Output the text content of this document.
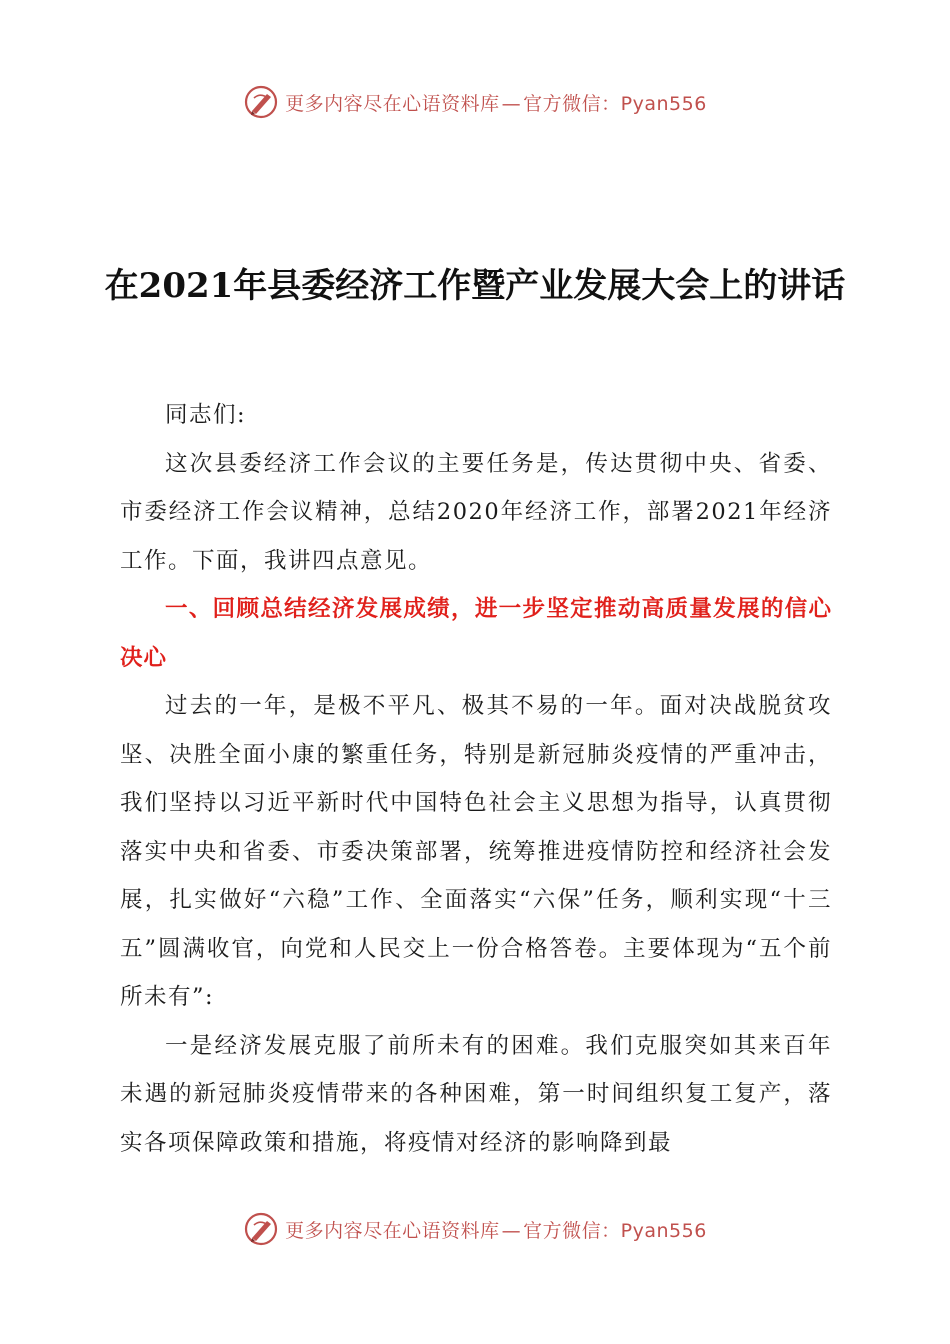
更多内容尽在心语资料库 — 官方微信：Pyan556
在2021年县委经济工作暨产业发展大会上的讲话

同志们:

这次县委经济工作会议的主要任务是，传达贯彻中央、省委、市委经济工作会议精神，总结2020年经济工作，部署2021年经济工作。下面，我讲四点意见。

一、回顾总结经济发展成绩，进一步坚定推动高质量发展的信心决心

过去的一年，是极不平凡、极其不易的一年。面对决战脱贫攻坚、决胜全面小康的繁重任务，特别是新冠肺炎疫情的严重冲击，我们坚持以习近平新时代中国特色社会主义思想为指导，认真贯彻落实中央和省委、市委决策部署，统筹推进疫情防控和经济社会发展，扎实做好“六稳”工作、全面落实“六保”任务，顺利实现“十三五”圆满收官，向党和人民交上一份合格答卷。主要体现为“五个前所未有”:

一是经济发展克服了前所未有的困难。我们克服突如其来百年未遇的新冠肺炎疫情带来的各种困难，第一时间组织复工复产，落实各项保障政策和措施，将疫情对经济的影响降到最

更多内容尽在心语资料库 — 官方微信：Pyan556
